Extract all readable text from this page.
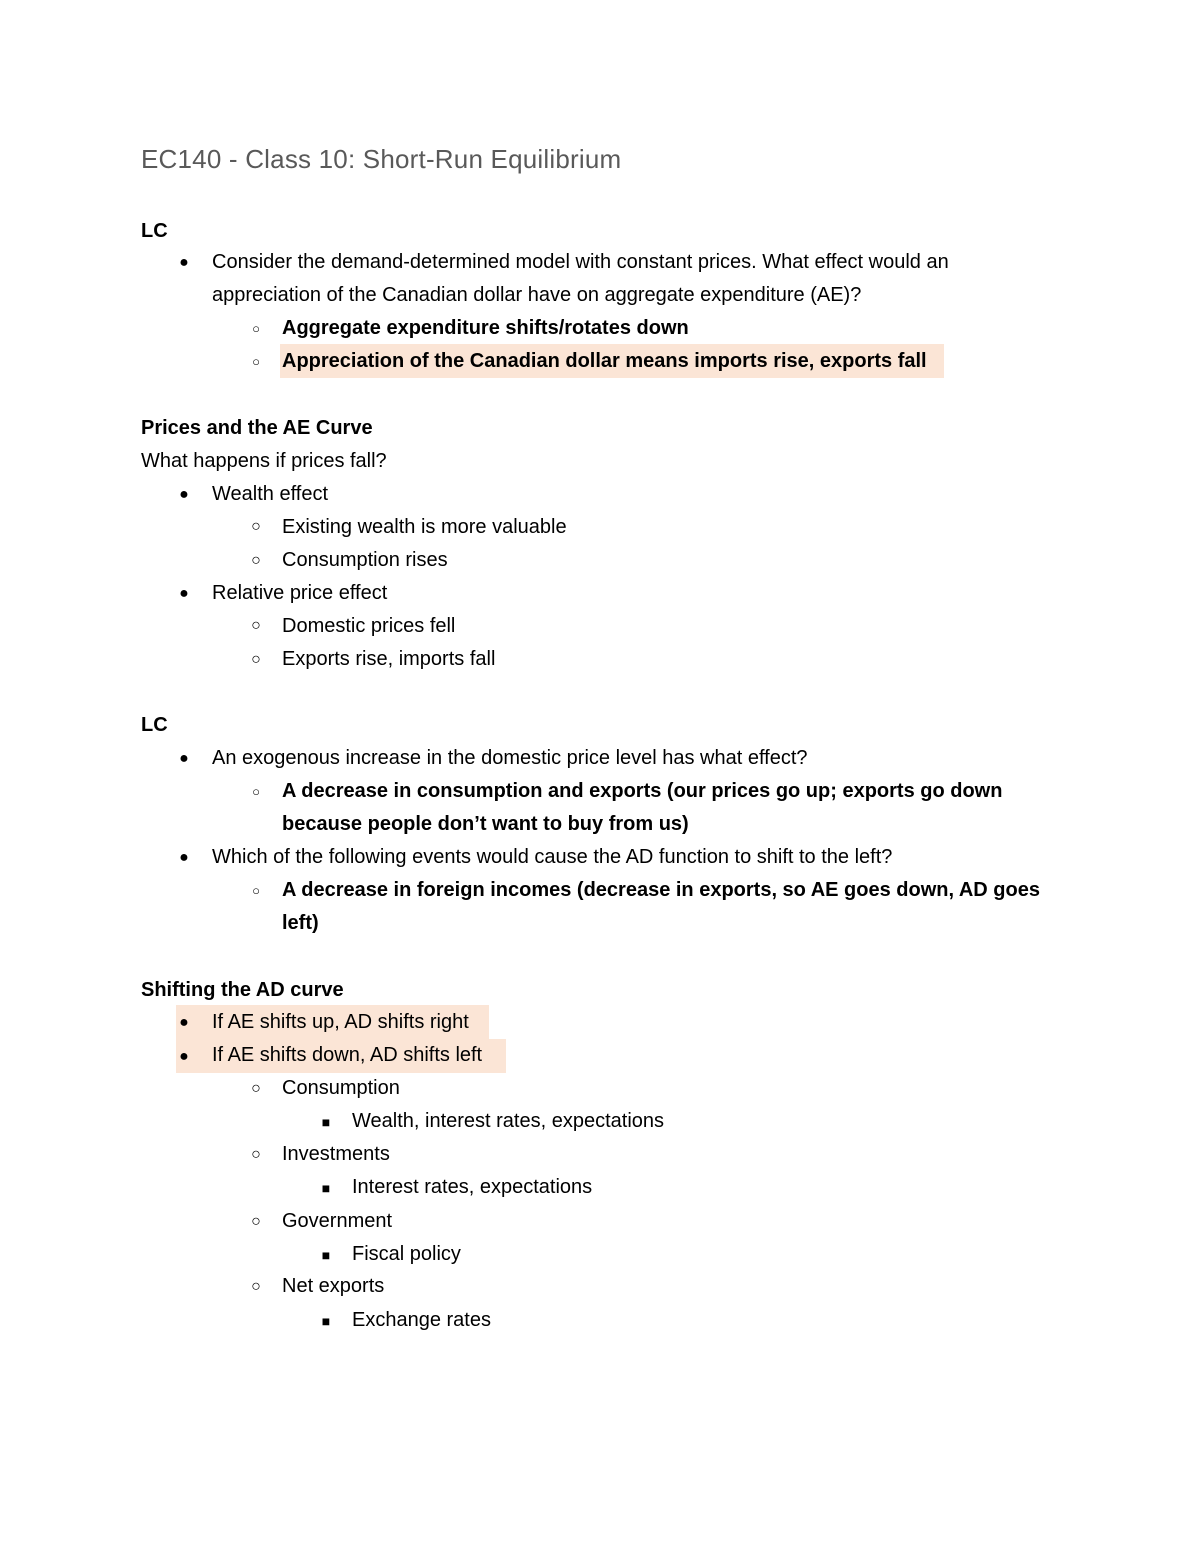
EC140 - Class 10: Short-Run Equilibrium
LC
● Consider the demand-determined model with constant prices. What effect would an
appreciation of the Canadian dollar have on aggregate expenditure (AE)?
○	Aggregate expenditure shifts/rotates down
○	Appreciation of the Canadian dollar means imports rise, exports fall
Prices and the AE Curve
What happens if prices fall?
● Wealth effect
○ Existing wealth is more valuable
○ Consumption rises
● Relative price effect
○ Domestic prices fell
○ Exports rise, imports fall
LC
● An exogenous increase in the domestic price level has what effect?
○	A decrease in consumption and exports (our prices go up; exports go down
because people don’t want to buy from us)
● Which of the following events would cause the AD function to shift to the left?
○	A decrease in foreign incomes (decrease in exports, so AE goes down, AD goes
left)
Shifting the AD curve
● If AE shifts up, AD shifts right
● If AE shifts down, AD shifts left
○ Consumption
■ Wealth, interest rates, expectations
○ Investments
■ Interest rates, expectations
○ Government
■ Fiscal policy
○ Net exports
■ Exchange rates
